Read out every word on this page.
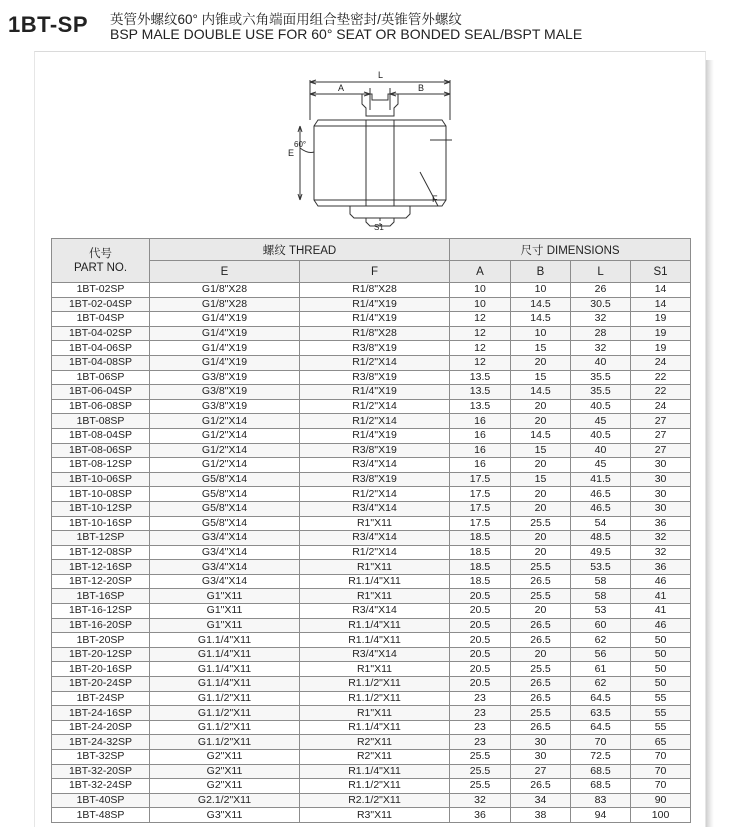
1BT-SP 英管外螺纹60° 内锥或六角端面用组合垫密封/英锥管外螺纹
BSP MALE DOUBLE USE FOR 60° SEAT OR BONDED SEAL/BSPT MALE
L
A	B
E
60°
F
S1
代号
PART NO.	螺纹 THREAD		尺寸 DIMENSIONS			
	E	F	A	B	L	S1
1BT-02SP	G1/8"X28	R1/8"X28	10	10	26	14
1BT-02-04SP	G1/8"X28	R1/4"X19	10	14.5	30.5	14
1BT-04SP	G1/4"X19	R1/4"X19	12	14.5	32	19
1BT-04-02SP	G1/4"X19	R1/8"X28	12	10	28	19
1BT-04-06SP	G1/4"X19	R3/8"X19	12	15	32	19
1BT-04-08SP	G1/4"X19	R1/2"X14	12	20	40	24
1BT-06SP	G3/8"X19	R3/8"X19	13.5	15	35.5	22
1BT-06-04SP	G3/8"X19	R1/4"X19	13.5	14.5	35.5	22
1BT-06-08SP	G3/8"X19	R1/2"X14	13.5	20	40.5	24
1BT-08SP	G1/2"X14	R1/2"X14	16	20	45	27
1BT-08-04SP	G1/2"X14	R1/4"X19	16	14.5	40.5	27
1BT-08-06SP	G1/2"X14	R3/8"X19	16	15	40	27
1BT-08-12SP	G1/2"X14	R3/4"X14	16	20	45	30
1BT-10-06SP	G5/8"X14	R3/8"X19	17.5	15	41.5	30
1BT-10-08SP	G5/8"X14	R1/2"X14	17.5	20	46.5	30
1BT-10-12SP	G5/8"X14	R3/4"X14	17.5	20	46.5	30
1BT-10-16SP	G5/8"X14	R1"X11	17.5	25.5	54	36
1BT-12SP	G3/4"X14	R3/4"X14	18.5	20	48.5	32
1BT-12-08SP	G3/4"X14	R1/2"X14	18.5	20	49.5	32
1BT-12-16SP	G3/4"X14	R1"X11	18.5	25.5	53.5	36
1BT-12-20SP	G3/4"X14	R1.1/4"X11	18.5	26.5	58	46
1BT-16SP	G1"X11	R1"X11	20.5	25.5	58	41
1BT-16-12SP	G1"X11	R3/4"X14	20.5	20	53	41
1BT-16-20SP	G1"X11	R1.1/4"X11	20.5	26.5	60	46
1BT-20SP	G1.1/4"X11	R1.1/4"X11	20.5	26.5	62	50
1BT-20-12SP	G1.1/4"X11	R3/4"X14	20.5	20	56	50
1BT-20-16SP	G1.1/4"X11	R1"X11	20.5	25.5	61	50
1BT-20-24SP	G1.1/4"X11	R1.1/2"X11	20.5	26.5	62	50
1BT-24SP	G1.1/2"X11	R1.1/2"X11	23	26.5	64.5	55
1BT-24-16SP	G1.1/2"X11	R1"X11	23	25.5	63.5	55
1BT-24-20SP	G1.1/2"X11	R1.1/4"X11	23	26.5	64.5	55
1BT-24-32SP	G1.1/2"X11	R2"X11	23	30	70	65
1BT-32SP	G2"X11	R2"X11	25.5	30	72.5	70
1BT-32-20SP	G2"X11	R1.1/4"X11	25.5	27	68.5	70
1BT-32-24SP	G2"X11	R1.1/2"X11	25.5	26.5	68.5	70
1BT-40SP	G2.1/2"X11	R2.1/2"X11	32	34	83	90
1BT-48SP	G3"X11	R3"X11	36	38	94	100
